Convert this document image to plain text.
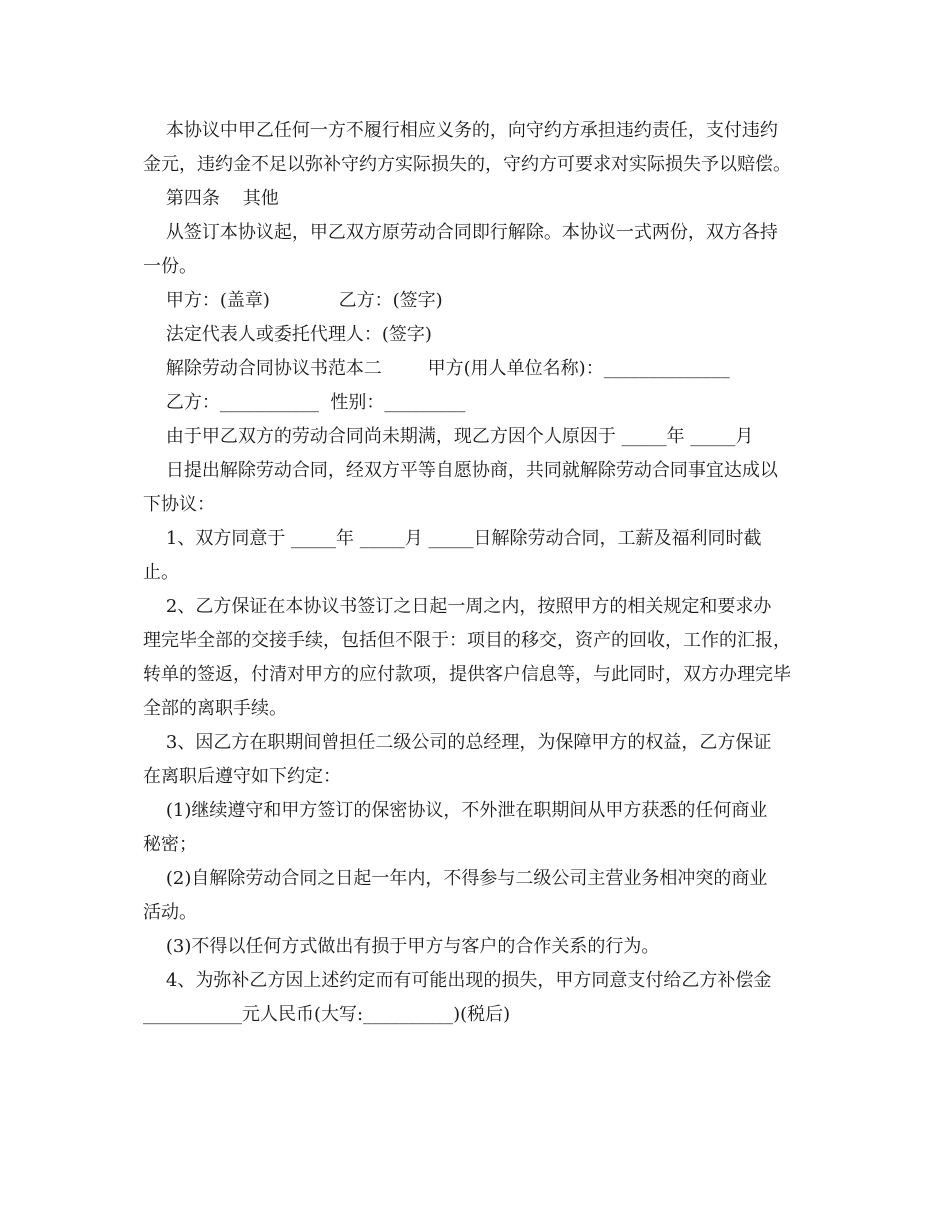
本协议中甲乙任何一方不履行相应义务的，向守约方承担违约责任，支付违约

金元，违约金不足以弥补守约方实际损失的，守约方可要求对实际损失予以赔偿。

第四条    其他

从签订本协议起，甲乙双方原劳动合同即行解除。本协议一式两份，双方各持

一份。

甲方：(盖章)            乙方：(签字)

法定代表人或委托代理人：(签字)

解除劳动合同协议书范本二        甲方(用人单位名称)：______________

乙方：___________  性别：_________

由于甲乙双方的劳动合同尚未期满，现乙方因个人原因于 _____年 _____月

日提出解除劳动合同，经双方平等自愿协商，共同就解除劳动合同事宜达成以

下协议：

1、双方同意于 _____年 _____月 _____日解除劳动合同，工薪及福利同时截

止。

2、乙方保证在本协议书签订之日起一周之内，按照甲方的相关规定和要求办

理完毕全部的交接手续，包括但不限于：项目的移交，资产的回收，工作的汇报，

转单的签返，付清对甲方的应付款项，提供客户信息等，与此同时，双方办理完毕

全部的离职手续。

3、因乙方在职期间曾担任二级公司的总经理，为保障甲方的权益，乙方保证

在离职后遵守如下约定：

(1)继续遵守和甲方签订的保密协议，不外泄在职期间从甲方获悉的任何商业

秘密；

(2)自解除劳动合同之日起一年内，不得参与二级公司主营业务相冲突的商业

活动。

(3)不得以任何方式做出有损于甲方与客户的合作关系的行为。

4、为弥补乙方因上述约定而有可能出现的损失，甲方同意支付给乙方补偿金

___________元人民币(大写:__________)(税后)
